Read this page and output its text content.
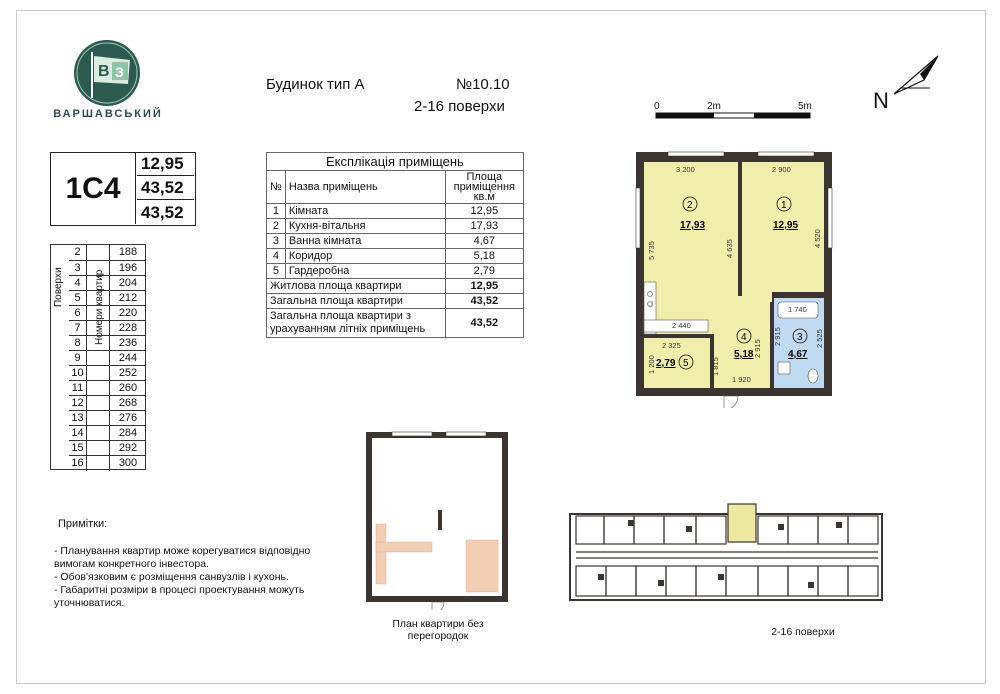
В З
ВАРШАВСЬКИЙ
Будинок тип А	№10.10
2-16 поверхи
1С4
12,95
43,52
43,52
Поверхи	Номери квартир
2	188
3	196
4	204
5	212
6	220
7	228
8	236
9	244
10	252
11	260
12	268
13	276
14	284
15	292
16	300
Експлікація приміщень		
№	Назва приміщень	Площа приміщення кв.м
1	Кімната	12,95
2	Кухня-вітальня	17,93
3	Ванна кімната	4,67
4	Коридор	5,18
5	Гардеробна	2,79
Житлова площа квартири		12,95
Загальна площа квартири		43,52
Загальна площа квартири з урахуванням літніх приміщень		43,52
0	2m	5m	N
2
17,93
1
12,95
4
5,18
3
4,67
5
2,79
3 200	2 900
5 735	4 635
4 520
2 440
1 740
2 325
1 200	1 815
2 915
2 915	2 525
1 920
План квартири без перегородок	2-16 поверхи
Примітки:
- Планування квартир може корегуватися відповідно вимогам конкретного інвестора.
- Обов'язковим є розміщення санвузлів і кухонь.
- Габаритні розміри в процесі проектування можуть уточнюватися.
